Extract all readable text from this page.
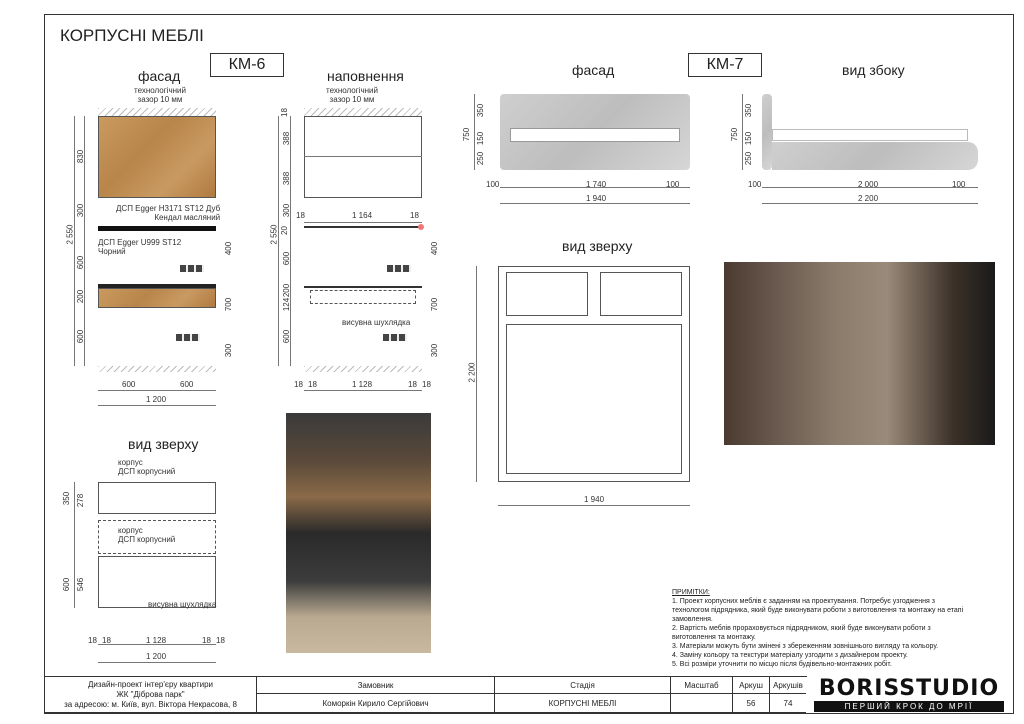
КОРПУСНІ МЕБЛІ
КМ-6
фасад	наповнення
технологічний
зазор 10 мм
технологічний
зазор 10 мм
ДСП Egger H3171 ST12 Дуб
Кендал масляний
ДСП Egger U999 ST12
Чорний
2 550
830
300
600
200
600
400
700
300
600	600
1 200
висувна шухлядка
2 550
18
388
388
300
20
600
200
124
600
400
700
300
18	1 164	18
18 18	1 128	18 18
вид зверху
корпус
ДСП корпусний
корпус
ДСП корпусний
висувна шухлядка
350 278
600 546
18 18	1 128	18 18
1 200
фасад	КМ-7	вид збоку
350
150
250
750
100	1 740	100
1 940
750
350
150
250
100	2 000	100
2 200
вид зверху
2 200
1 940
ПРИМІТКИ:
1. Проект корпусних меблів є заданням на проектування. Потребує узгодження з технологом підрядника, який буде виконувати роботи з виготовлення та монтажу на етапі замовлення.
2. Вартість меблів прораховується підрядником, який буде виконувати роботи з виготовлення та монтажу.
3. Матеріали можуть бути змінені з збереженням зовнішнього вигляду та кольору.
4. Заміну кольору та текстури матеріалу узгодити з дизайнером проекту.
5. Всі розміри уточнити по місцю після будівельно-монтажних робіт.
Дизайн-проект інтер'єру квартири
ЖК "Діброва парк"
за адресою: м. Київ, вул. Віктора Некрасова, 8	Замовник	Стадія	Масштаб	Аркуш	Аркушів
	Коморкін Кирило Сергійович	КОРПУСНІ МЕБЛІ		56	74
BORISSTUDIO
ПЕРШИЙ КРОК ДО МРІЇ
